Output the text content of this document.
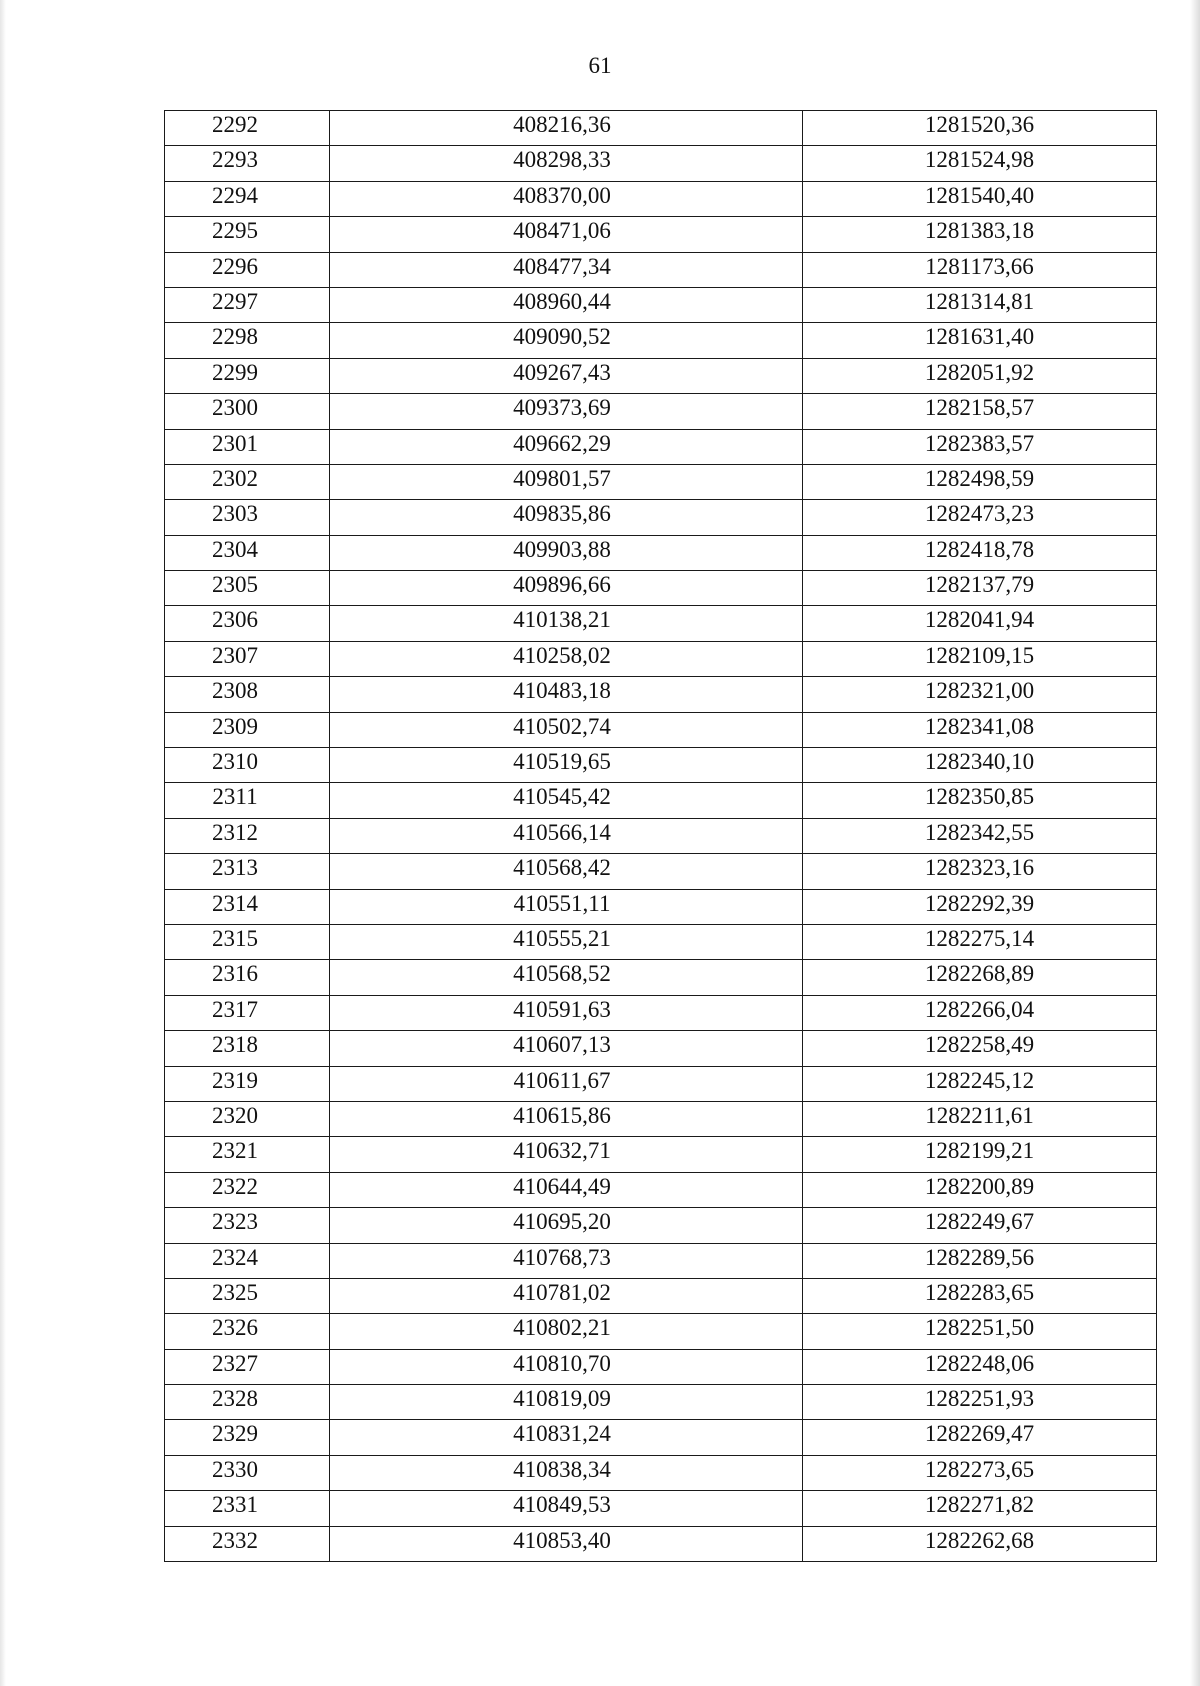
61
2292	408216,36	1281520,36
2293	408298,33	1281524,98
2294	408370,00	1281540,40
2295	408471,06	1281383,18
2296	408477,34	1281173,66
2297	408960,44	1281314,81
2298	409090,52	1281631,40
2299	409267,43	1282051,92
2300	409373,69	1282158,57
2301	409662,29	1282383,57
2302	409801,57	1282498,59
2303	409835,86	1282473,23
2304	409903,88	1282418,78
2305	409896,66	1282137,79
2306	410138,21	1282041,94
2307	410258,02	1282109,15
2308	410483,18	1282321,00
2309	410502,74	1282341,08
2310	410519,65	1282340,10
2311	410545,42	1282350,85
2312	410566,14	1282342,55
2313	410568,42	1282323,16
2314	410551,11	1282292,39
2315	410555,21	1282275,14
2316	410568,52	1282268,89
2317	410591,63	1282266,04
2318	410607,13	1282258,49
2319	410611,67	1282245,12
2320	410615,86	1282211,61
2321	410632,71	1282199,21
2322	410644,49	1282200,89
2323	410695,20	1282249,67
2324	410768,73	1282289,56
2325	410781,02	1282283,65
2326	410802,21	1282251,50
2327	410810,70	1282248,06
2328	410819,09	1282251,93
2329	410831,24	1282269,47
2330	410838,34	1282273,65
2331	410849,53	1282271,82
2332	410853,40	1282262,68
